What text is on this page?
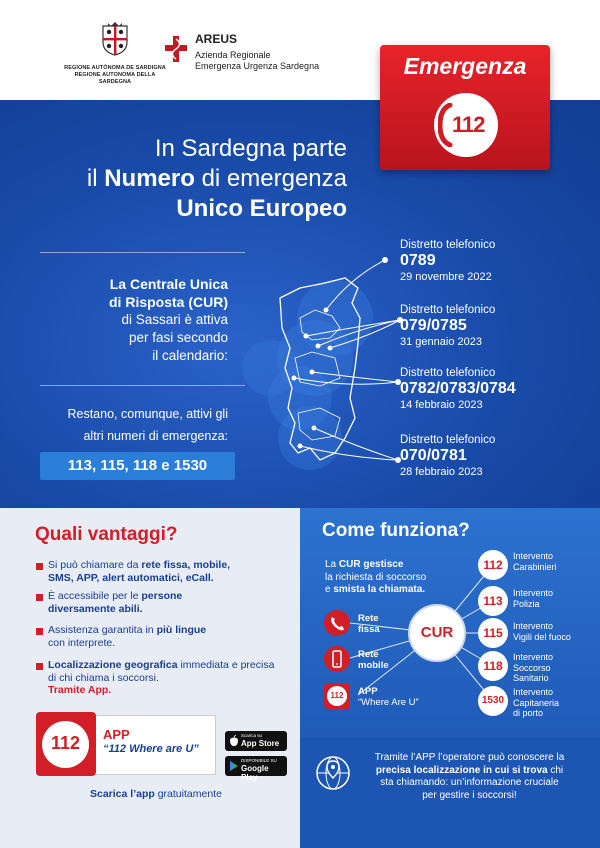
REGIONE AUTÒNOMA DE SARDIGNA
REGIONE AUTONOMA DELLA SARDEGNA
AREUS
Azienda Regionale
Emergenza Urgenza Sardegna	Emergenza
112
In Sardegna parte
il Numero di emergenza
Unico Europeo
La Centrale Unica
di Risposta (CUR)
di Sassari è attiva
per fasi secondo
il calendario:
Restano, comunque, attivi gli
altri numeri di emergenza:
113, 115, 118 e 1530
Distretto telefonico
0789
29 novembre 2022
Distretto telefonico
079/0785
31 gennaio 2023
Distretto telefonico
0782/0783/0784
14 febbraio 2023
Distretto telefonico
070/0781
28 febbraio 2023
Quali vantaggi?
Si può chiamare da rete fissa, mobile,
SMS, APP, alert automatici, eCall.
È accessibile per le persone
diversamente abili.
Assistenza garantita in più lingue
con interprete.
Localizzazione geografica immediata e precisa
di chi chiama i soccorsi.
Tramite App.
112 APP
“112 Where are U”
Scarica su
App Store
DISPONIBILE SU
Google Play
Scarica l’app gratuitamente
Come funziona?
La CUR gestisce
la richiesta di soccorso
e smista la chiamata.
CUR
Rete
fissa
Rete
mobile
112	APP
“Where Are U”
112
Intervento
Carabinieri
113
Intervento
Polizia
115	Intervento
Vigili del fuoco
118
Intervento
Soccorso
Sanitario
1530
Intervento
Capitaneria
di porto
Tramite l’APP l’operatore può conoscere la
precisa localizzazione in cui si trova chi
sta chiamando: un’informazione cruciale
per gestire i soccorsi!
